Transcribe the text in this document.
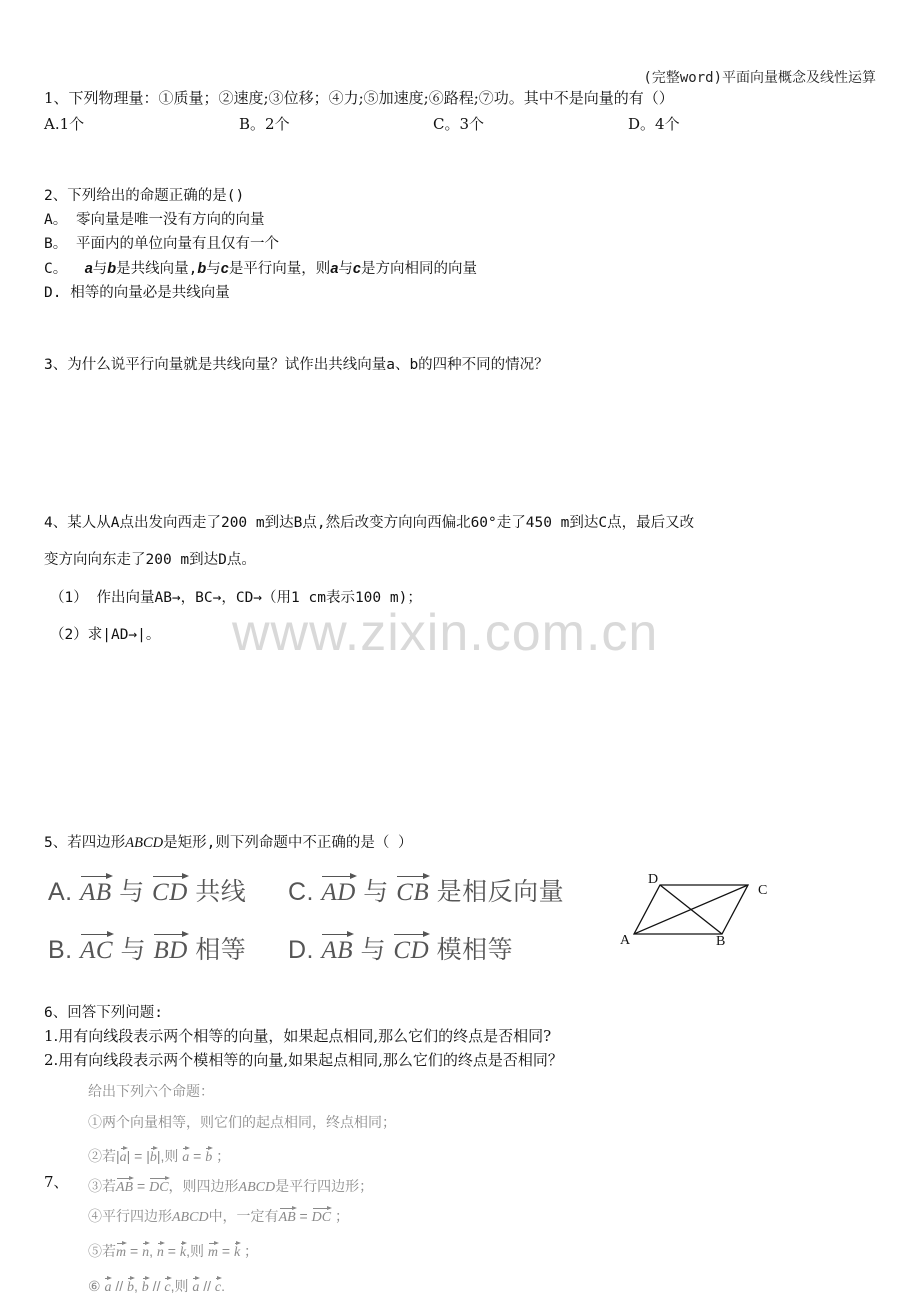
(完整word)平面向量概念及线性运算
1、下列物理量：①质量；②速度;③位移；④力;⑤加速度;⑥路程;⑦功。其中不是向量的有（）
A.1个	B。2个	C。3个	D。4个
2、下列给出的命题正确的是()
A。 零向量是唯一没有方向的向量
B。 平面内的单位向量有且仅有一个
C。 a与b是共线向量,b与c是平行向量，则a与c是方向相同的向量
D. 相等的向量必是共线向量
3、为什么说平行向量就是共线向量？试作出共线向量a、b的四种不同的情况？
4、某人从A点出发向西走了200 m到达B点,然后改变方向向西偏北60°走了450 m到达C点，最后又改
变方向向东走了200 m到达D点。
（1） 作出向量AB→，BC→，CD→（用1 cm表示100 m)；
（2）求|AD→|。 www.zixin.com.cn
5、若四边形ABCD是矩形,则下列命题中不正确的是（ ）
A. AB 与 CD 共线 C. AD 与 CB 是相反向量
B. AC 与 BD 相等 D. AB 与 CD 模相等
D
C
A	B
6、回答下列问题:
1.用有向线段表示两个相等的向量，如果起点相同,那么它们的终点是否相同?
2.用有向线段表示两个模相等的向量,如果起点相同,那么它们的终点是否相同？
7、
给出下列六个命题：
①两个向量相等，则它们的起点相同，终点相同；
②若|a| = |b|,则 a = b ；
③若AB = DC，则四边形ABCD是平行四边形；
④平行四边形ABCD中，一定有AB = DC ；
⑤若m = n, n = k,则 m = k ；
⑥ a // b, b // c,则 a // c.
